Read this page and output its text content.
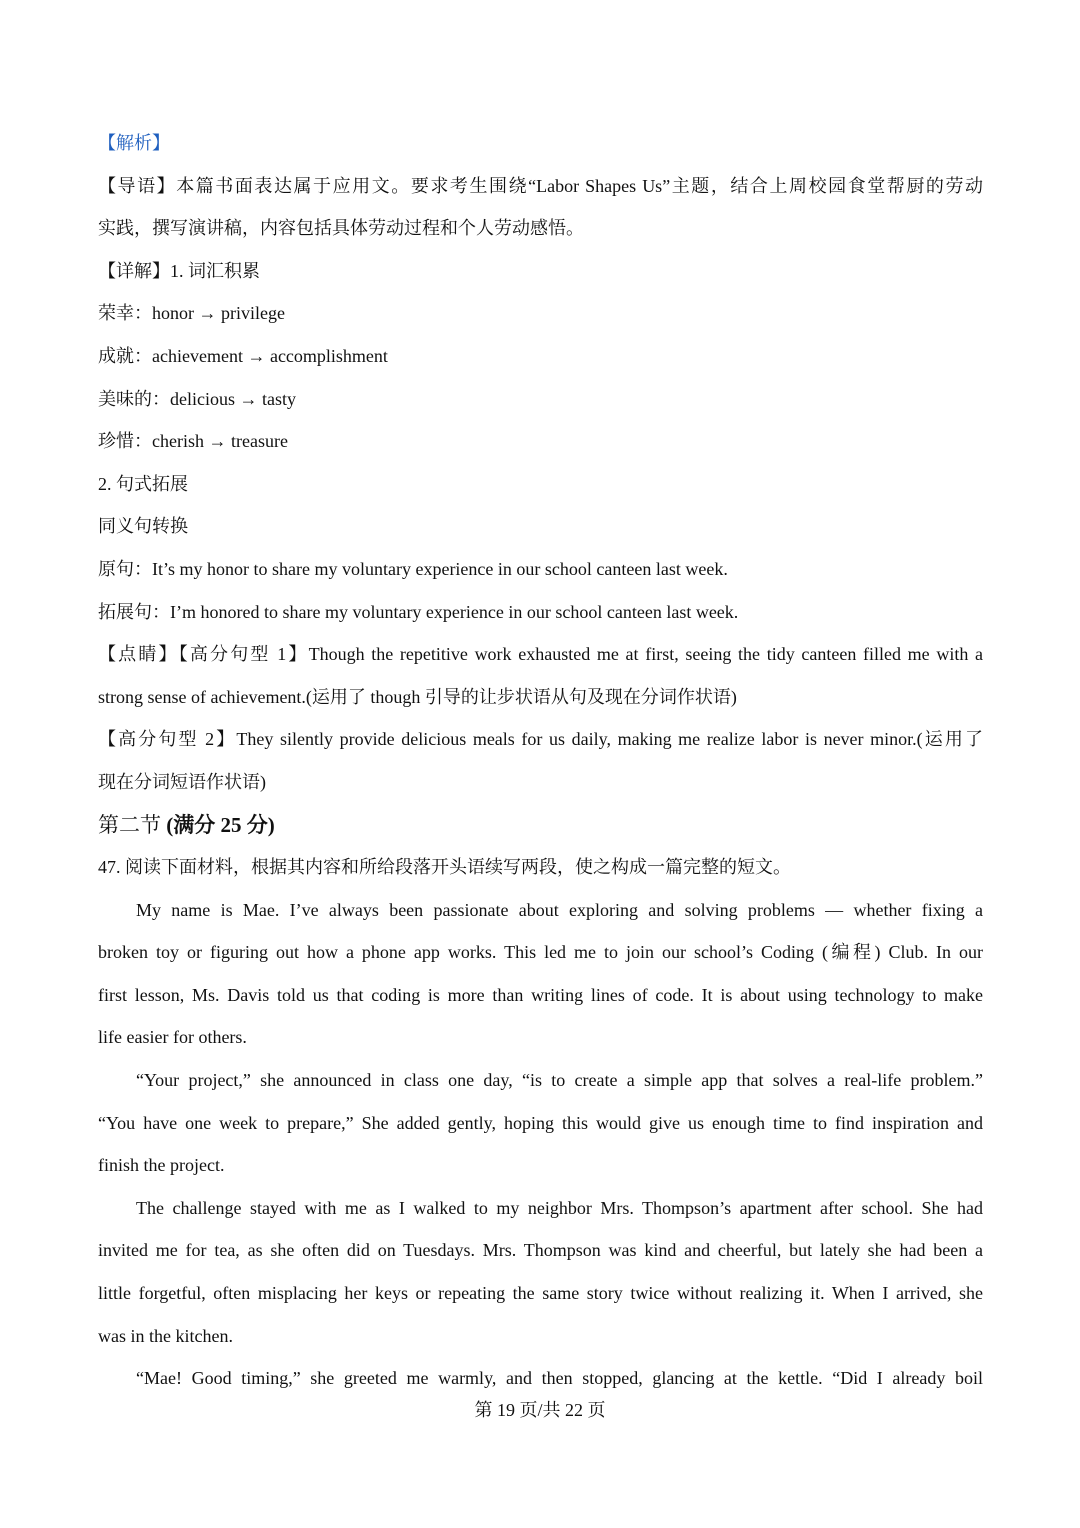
【解析】
【导语】本篇书面表达属于应用文。要求考生围绕“Labor Shapes Us”主题，结合上周校园食堂帮厨的劳动
实践，撰写演讲稿，内容包括具体劳动过程和个人劳动感悟。
【详解】1. 词汇积累
荣幸：honor → privilege
成就：achievement → accomplishment
美味的：delicious → tasty
珍惜：cherish → treasure
2. 句式拓展
同义句转换
原句：It’s my honor to share my voluntary experience in our school canteen last week.
拓展句：I’m honored to share my voluntary experience in our school canteen last week.
【点睛】【高分句型 1】Though the repetitive work exhausted me at first, seeing the tidy canteen filled me with a
strong sense of achievement.(运用了 though 引导的让步状语从句及现在分词作状语)
【高分句型 2】They silently provide delicious meals for us daily, making me realize labor is never minor.(运用了
现在分词短语作状语)
第二节 (满分 25 分)
47. 阅读下面材料，根据其内容和所给段落开头语续写两段，使之构成一篇完整的短文。
My name is Mae. I’ve always been passionate about exploring and solving problems — whether fixing a
broken toy or figuring out how a phone app works. This led me to join our school’s Coding (编程) Club. In our
first lesson, Ms. Davis told us that coding is more than writing lines of code. It is about using technology to make
life easier for others.
“Your project,” she announced in class one day, “is to create a simple app that solves a real-life problem.”
“You have one week to prepare,” She added gently, hoping this would give us enough time to find inspiration and
finish the project.
The challenge stayed with me as I walked to my neighbor Mrs. Thompson’s apartment after school. She had
invited me for tea, as she often did on Tuesdays. Mrs. Thompson was kind and cheerful, but lately she had been a
little forgetful, often misplacing her keys or repeating the same story twice without realizing it. When I arrived, she
was in the kitchen.
“Mae! Good timing,” she greeted me warmly, and then stopped, glancing at the kettle. “Did I already boil
第 19 页/共 22 页
